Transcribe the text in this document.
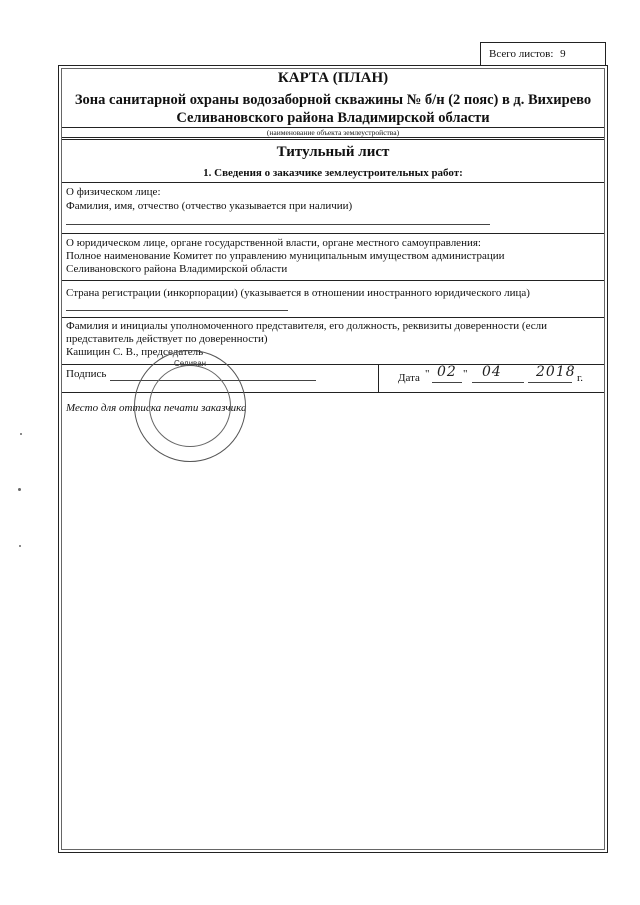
Всего листов: 9
КАРТА (ПЛАН)
Зона санитарной охраны водозаборной скважины № б/н (2 пояс) в д. Вихирево
Селивановского района Владимирской области
(наименование объекта землеустройства)
Титульный лист
1. Сведения о заказчике землеустроительных работ:
О физическом лице:
Фамилия, имя, отчество (отчество указывается при наличии)
О юридическом лице, органе государственной власти, органе местного самоуправления:
Полное наименование Комитет по управлению муниципальным имуществом администрации
Селивановского района Владимирской области
Страна регистрации (инкорпорации) (указывается в отношении иностранного юридического лица)
Фамилия и инициалы уполномоченного представителя, его должность, реквизиты доверенности (если
представитель действует по доверенности)
Кашицин С. В., председатель
Подпись	Дата " 02 " 04 2018 г.
Место для оттиска печати заказчика
Селиван
